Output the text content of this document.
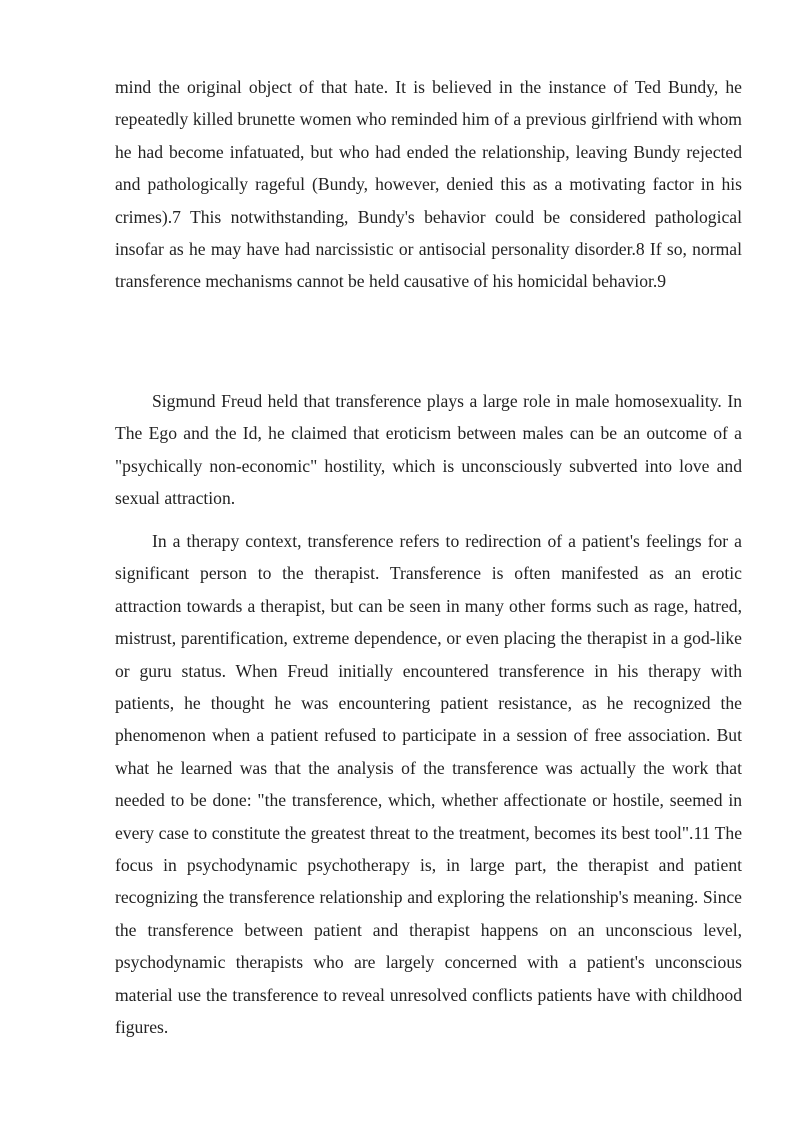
mind the original object of that hate. It is believed in the instance of Ted Bundy, he repeatedly killed brunette women who reminded him of a previous girlfriend with whom he had become infatuated, but who had ended the relationship, leaving Bundy rejected and pathologically rageful (Bundy, however, denied this as a motivating factor in his crimes).7 This notwithstanding, Bundy's behavior could be considered pathological insofar as he may have had narcissistic or antisocial personality disorder.8 If so, normal transference mechanisms cannot be held causative of his homicidal behavior.9

Sigmund Freud held that transference plays a large role in male homosexuality. In The Ego and the Id, he claimed that eroticism between males can be an outcome of a "psychically non-economic" hostility, which is unconsciously subverted into love and sexual attraction.

In a therapy context, transference refers to redirection of a patient's feelings for a significant person to the therapist. Transference is often manifested as an erotic attraction towards a therapist, but can be seen in many other forms such as rage, hatred, mistrust, parentification, extreme dependence, or even placing the therapist in a god-like or guru status. When Freud initially encountered transference in his therapy with patients, he thought he was encountering patient resistance, as he recognized the phenomenon when a patient refused to participate in a session of free association. But what he learned was that the analysis of the transference was actually the work that needed to be done: "the transference, which, whether affectionate or hostile, seemed in every case to constitute the greatest threat to the treatment, becomes its best tool".11 The focus in psychodynamic psychotherapy is, in large part, the therapist and patient recognizing the transference relationship and exploring the relationship's meaning. Since the transference between patient and therapist happens on an unconscious level, psychodynamic therapists who are largely concerned with a patient's unconscious material use the transference to reveal unresolved conflicts patients have with childhood figures.
